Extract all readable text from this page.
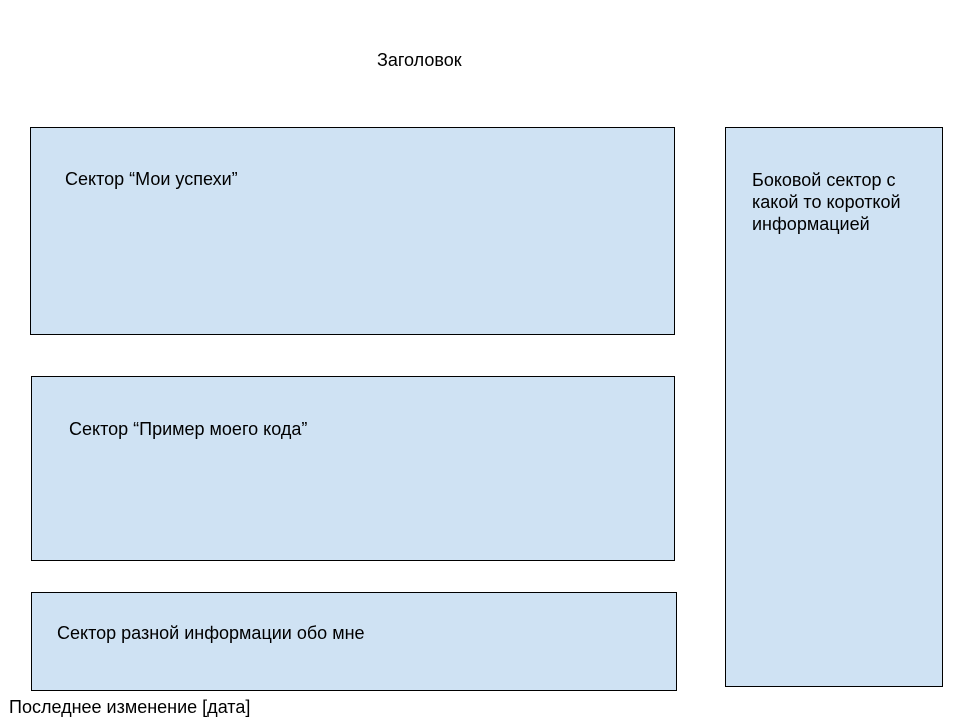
Заголовок
Сектор “Мои успехи”
Сектор “Пример моего кода”
Сектор разной информации обо мне
Боковой сектор с какой то короткой информацией
Последнее изменение [дата]
